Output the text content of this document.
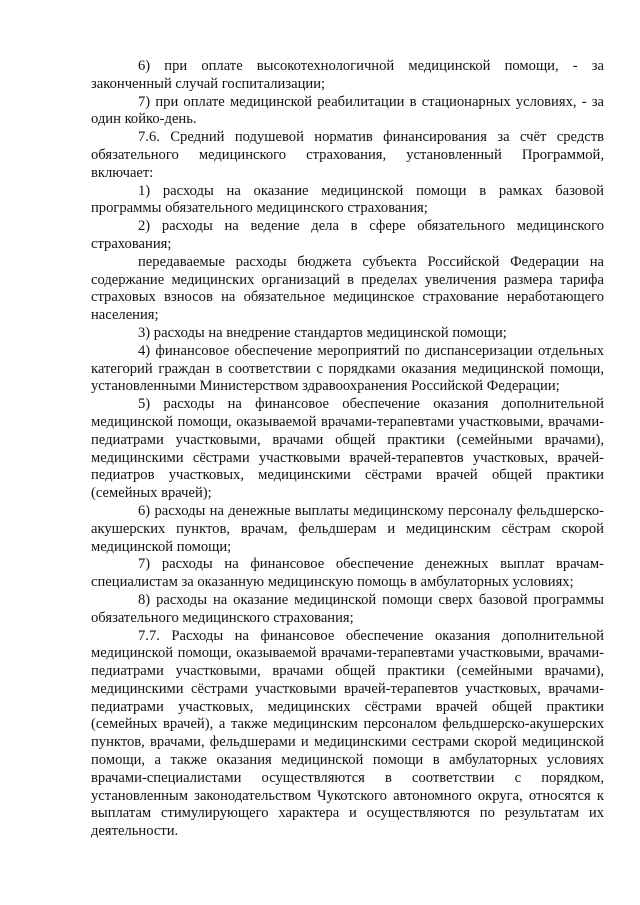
6) при оплате высокотехнологичной медицинской помощи, - за законченный случай госпитализации;

7) при оплате медицинской реабилитации в стационарных условиях, - за один койко-день.

7.6. Средний подушевой норматив финансирования за счёт средств обязательного медицинского страхования, установленный Программой, включает:

1) расходы на оказание медицинской помощи в рамках базовой программы обязательного медицинского страхования;

2) расходы на ведение дела в сфере обязательного медицинского страхования;

передаваемые расходы бюджета субъекта Российской Федерации на содержание медицинских организаций в пределах увеличения размера тарифа страховых взносов на обязательное медицинское страхование неработающего населения;

3) расходы на внедрение стандартов медицинской помощи;

4) финансовое обеспечение мероприятий по диспансеризации отдельных категорий граждан в соответствии с порядками оказания медицинской помощи, установленными Министерством здравоохранения Российской Федерации;

5) расходы на финансовое обеспечение оказания дополнительной медицинской помощи, оказываемой врачами-терапевтами участковыми, врачами-педиатрами участковыми, врачами общей практики (семейными врачами), медицинскими сёстрами участковыми врачей-терапевтов участковых, врачей-педиатров участковых, медицинскими сёстрами врачей общей практики (семейных врачей);

6) расходы на денежные выплаты медицинскому персоналу фельдшерско-акушерских пунктов, врачам, фельдшерам и медицинским сёстрам скорой медицинской помощи;

7) расходы на финансовое обеспечение денежных выплат врачам-специалистам за оказанную медицинскую помощь в амбулаторных условиях;

8) расходы на оказание медицинской помощи сверх базовой программы обязательного медицинского страхования;

7.7. Расходы на финансовое обеспечение оказания дополнительной медицинской помощи, оказываемой врачами-терапевтами участковыми, врачами-педиатрами участковыми, врачами общей практики (семейными врачами), медицинскими сёстрами участковыми врачей-терапевтов участковых, врачами-педиатрами участковых, медицинских сёстрами врачей общей практики (семейных врачей), а также медицинским персоналом фельдшерско-акушерских пунктов, врачами, фельдшерами и медицинскими сестрами скорой медицинской помощи, а также оказания медицинской помощи в амбулаторных условиях врачами-специалистами осуществляются в соответствии с порядком, установленным законодательством Чукотского автономного округа, относятся к выплатам стимулирующего характера и осуществляются по результатам их деятельности.
